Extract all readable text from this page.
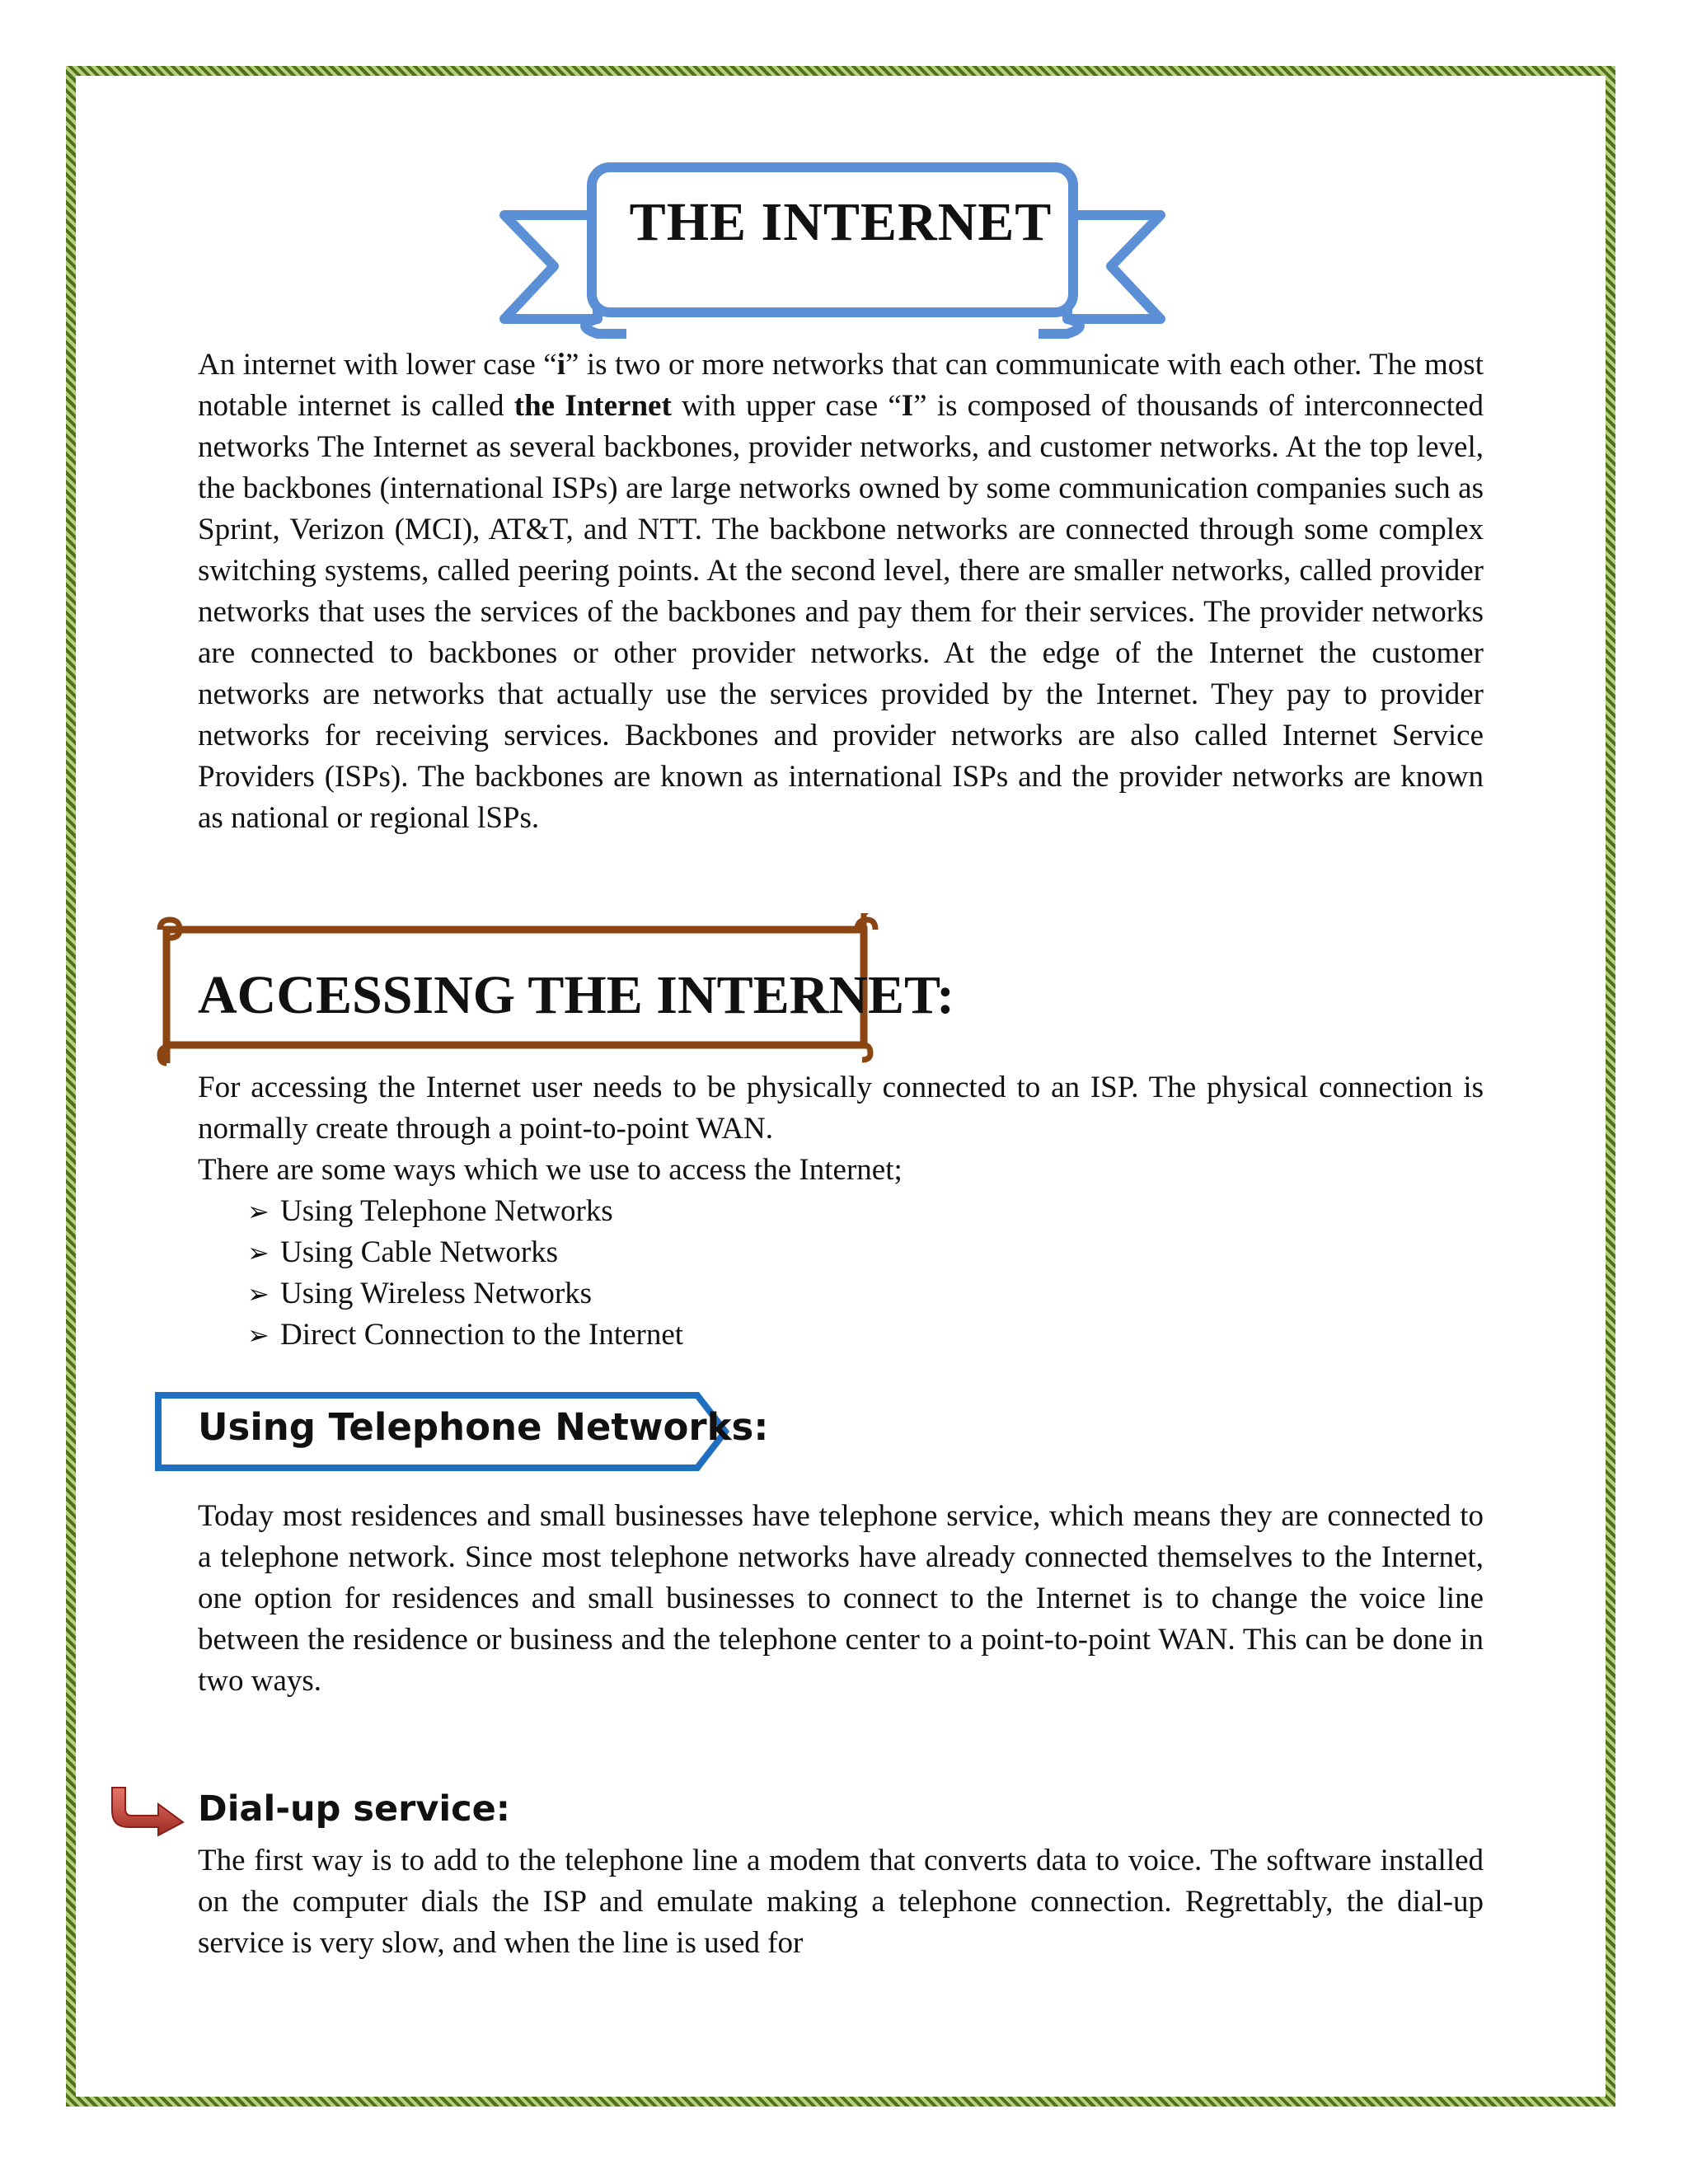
THE INTERNET

An internet with lower case “i” is two or more networks that can communicate with each other. The most notable internet is called the Internet with upper case “I” is composed of thousands of interconnected networks The Internet as several backbones, provider networks, and customer networks. At the top level, the backbones (international ISPs) are large networks owned by some communication companies such as Sprint, Verizon (MCI), AT&T, and NTT. The backbone networks are connected through some complex switching systems, called peering points. At the second level, there are smaller networks, called provider networks that uses the services of the backbones and pay them for their services. The provider networks are connected to backbones or other provider networks. At the edge of the Internet the customer networks are networks that actually use the services provided by the Internet. They pay to provider networks for receiving services. Backbones and provider networks are also called Internet Service Providers (ISPs). The backbones are known as international ISPs and the provider networks are known as national or regional lSPs.

ACCESSING THE INTERNET:

For accessing the Internet user needs to be physically connected to an ISP. The physical connection is normally create through a point-to-point WAN.

There are some ways which we use to access the Internet;

➢ Using Telephone Networks
➢ Using Cable Networks
➢ Using Wireless Networks
➢ Direct Connection to the Internet
Using Telephone Networks:

Today most residences and small businesses have telephone service, which means they are connected to a telephone network. Since most telephone networks have already connected themselves to the Internet, one option for residences and small businesses to connect to the Internet is to change the voice line between the residence or business and the telephone center to a point-to-point WAN. This can be done in two ways.

Dial-up service:

The first way is to add to the telephone line a modem that converts data to voice. The software installed on the computer dials the ISP and emulate making a telephone connection. Regrettably, the dial-up service is very slow, and when the line is used for
